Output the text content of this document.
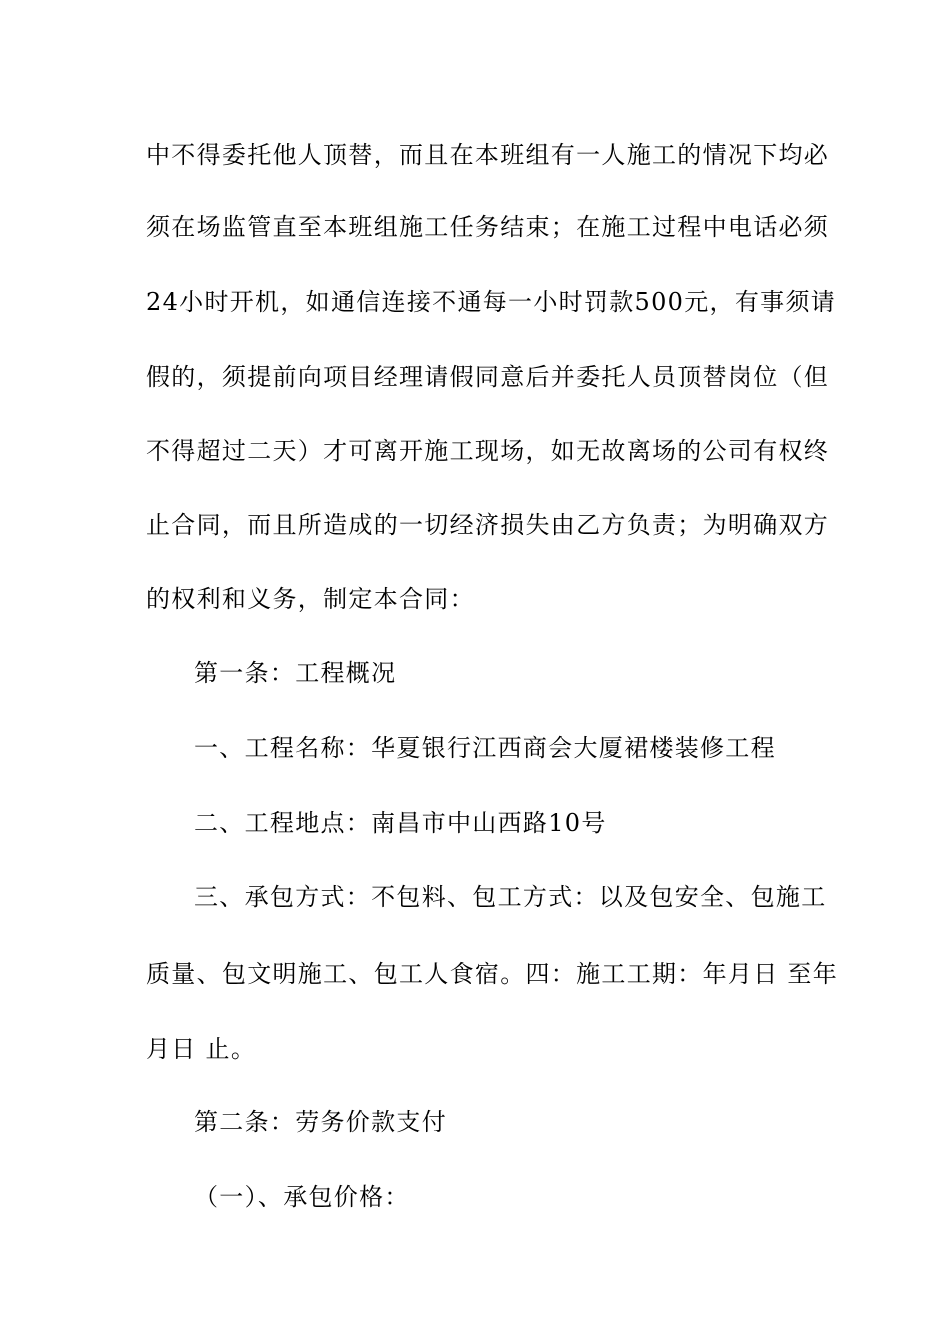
中不得委托他人顶替，而且在本班组有一人施工的情况下均必
须在场监管直至本班组施工任务结束；在施工过程中电话必须
24小时开机，如通信连接不通每一小时罚款500元，有事须请
假的，须提前向项目经理请假同意后并委托人员顶替岗位（但
不得超过二天）才可离开施工现场，如无故离场的公司有权终
止合同，而且所造成的一切经济损失由乙方负责；为明确双方
的权利和义务，制定本合同：
第一条：工程概况
一、工程名称：华夏银行江西商会大厦裙楼装修工程
二、工程地点：南昌市中山西路10号
三、承包方式：不包料、包工方式：以及包安全、包施工
质量、包文明施工、包工人食宿。四：施工工期：年月日 至年
月日 止。
第二条：劳务价款支付
（一）、承包价格：
